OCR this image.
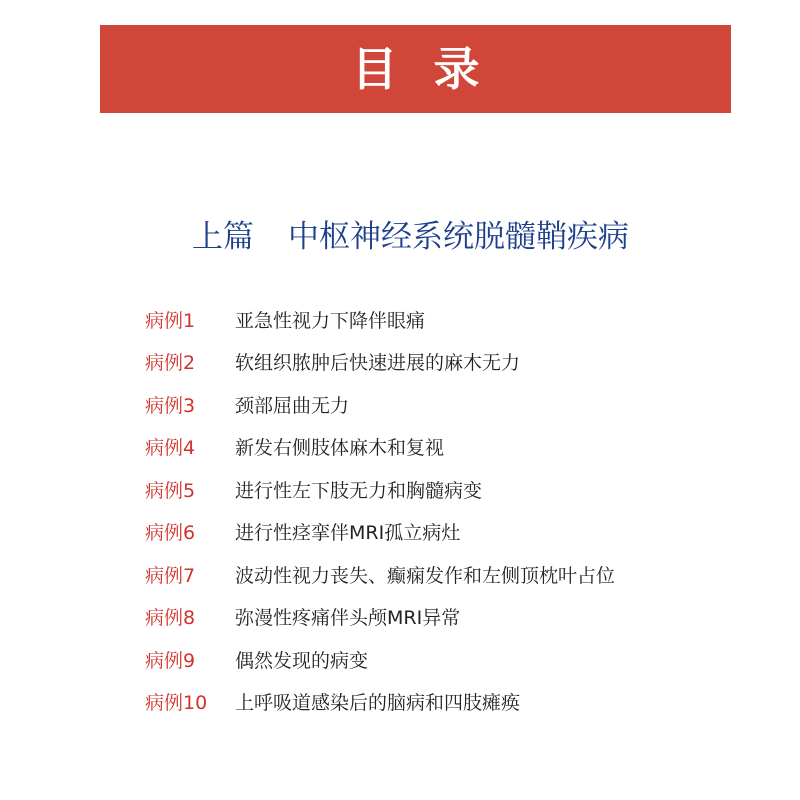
目录
上篇 中枢神经系统脱髓鞘疾病
病例1	亚急性视力下降伴眼痛
病例2	软组织脓肿后快速进展的麻木无力
病例3	颈部屈曲无力
病例4	新发右侧肢体麻木和复视
病例5	进行性左下肢无力和胸髓病变
病例6	进行性痉挛伴MRI孤立病灶
病例7	波动性视力丧失、癫痫发作和左侧顶枕叶占位
病例8	弥漫性疼痛伴头颅MRI异常
病例9	偶然发现的病变
病例10	上呼吸道感染后的脑病和四肢瘫痪
